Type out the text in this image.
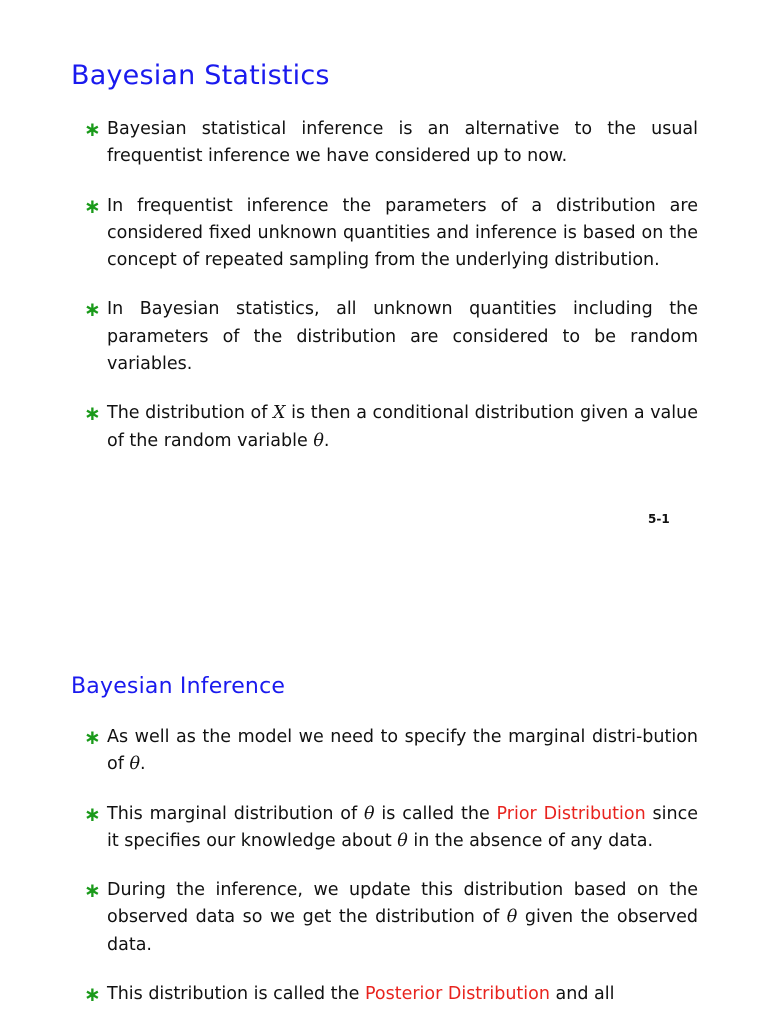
Bayesian Statistics
∗ Bayesian statistical inference is an alternative to the usual frequentist inference we have considered up to now.

∗ In frequentist inference the parameters of a distribution are considered fixed unknown quantities and inference is based on the concept of repeated sampling from the underlying distribution.

∗ In Bayesian statistics, all unknown quantities including the parameters of the distribution are considered to be random variables.

∗ The distribution of X is then a conditional distribution given a value of the random variable θ.

5-1

Bayesian Inference
∗ As well as the model we need to specify the marginal distri-bution of θ.

∗ This marginal distribution of θ is called the Prior Distribution since it specifies our knowledge about θ in the absence of any data.

∗ During the inference, we update this distribution based on the observed data so we get the distribution of θ given the observed data.

∗ This distribution is called the Posterior Distribution and all
